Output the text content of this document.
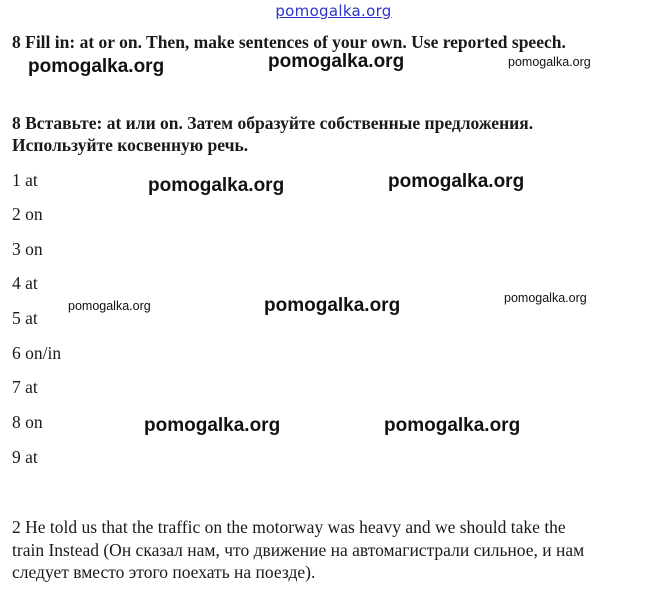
pomogalka.org
8 Fill in: at or on. Then, make sentences of your own. Use reported speech.
pomogalka.org	pomogalka.org	pomogalka.org
8 Вставьте: at или on. Затем образуйте собственные предложения.
Используйте косвенную речь.
1 at
2 on
3 on
4 at
5 at
6 on/in
7 at
8 on
9 at
pomogalka.org	pomogalka.org
pomogalka.org	pomogalka.org	pomogalka.org
pomogalka.org	pomogalka.org
2 He told us that the traffic on the motorway was heavy and we should take the
train Instead (Он сказал нам, что движение на автомагистрали сильное, и нам
следует вместо этого поехать на поезде).
